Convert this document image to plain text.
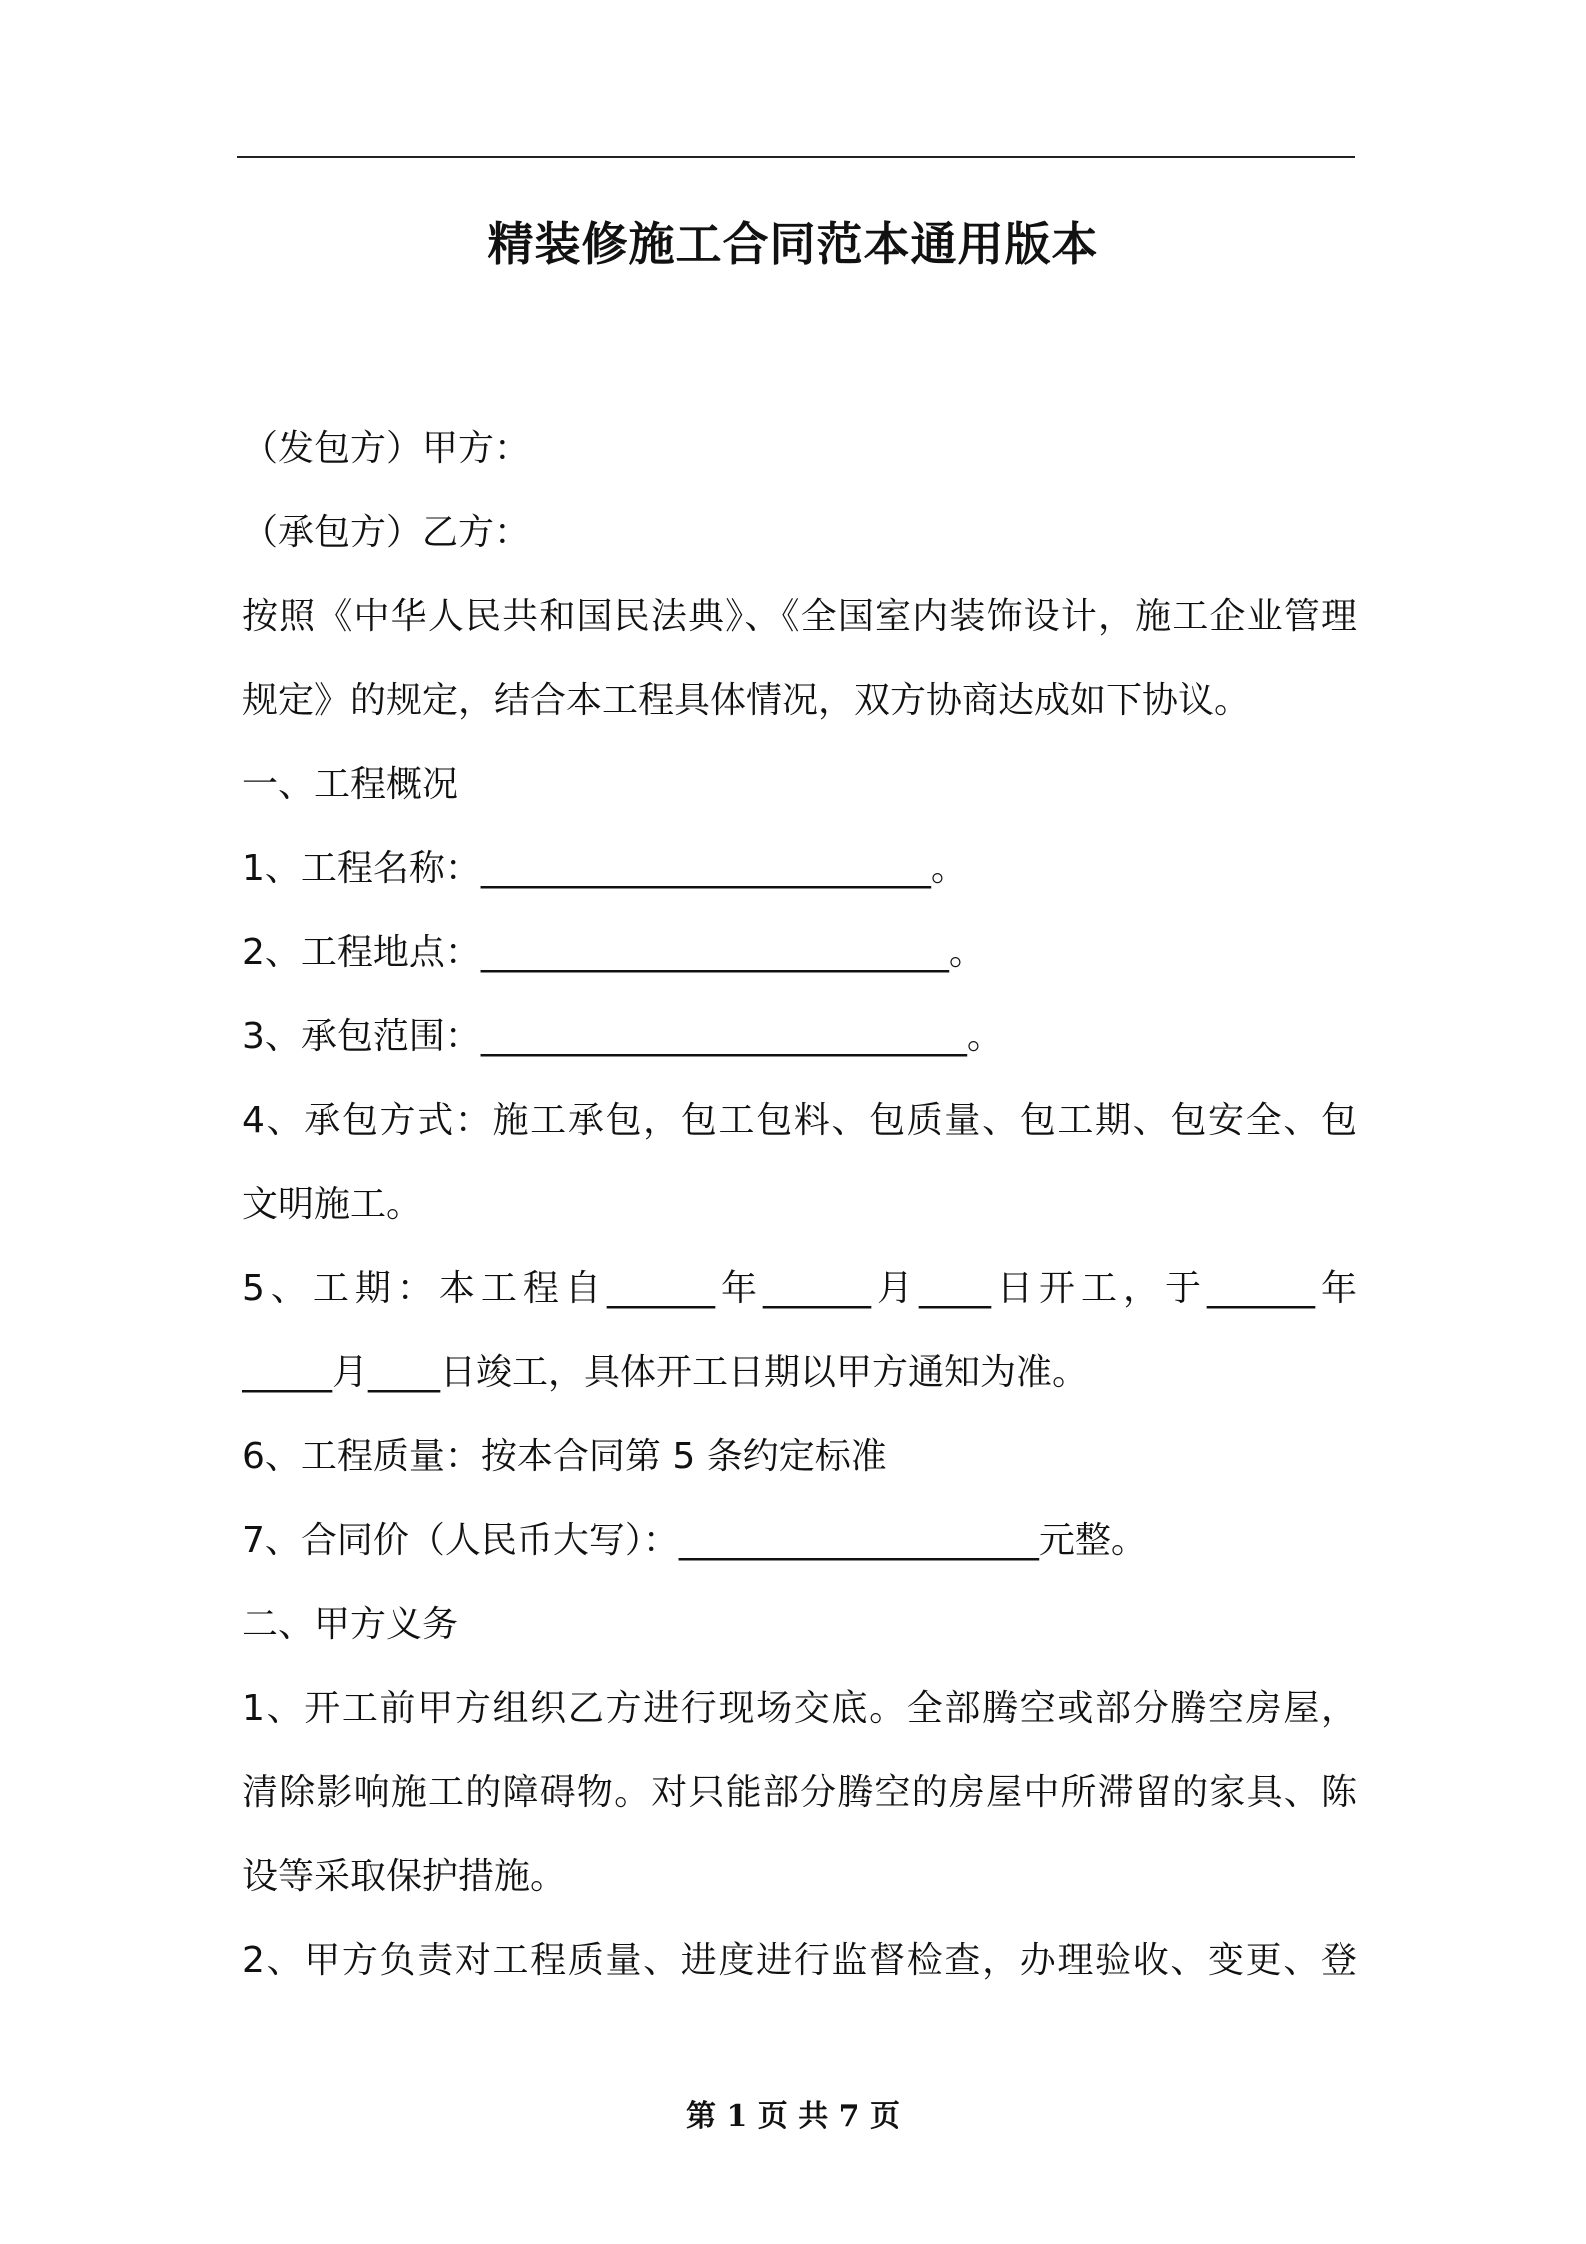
精装修施工合同范本通用版本
（发包方）甲方：
（承包方）乙方：
按照《中华人民共和国民法典》、《全国室内装饰设计，施工企业管理
规定》的规定，结合本工程具体情况，双方协商达成如下协议。
一、工程概况
1、工程名称：_________________________。
2、工程地点：__________________________。
3、承包范围：___________________________。
4、承包方式：施工承包，包工包料、包质量、包工期、包安全、包
文明施工。
5、工期：本工程自______年______月____日开工，于______年
_____月____日竣工，具体开工日期以甲方通知为准。
6、工程质量：按本合同第 5 条约定标准
7、合同价（人民币大写）：____________________元整。
二、甲方义务
1、开工前甲方组织乙方进行现场交底。全部腾空或部分腾空房屋，
清除影响施工的障碍物。对只能部分腾空的房屋中所滞留的家具、陈
设等采取保护措施。
2、甲方负责对工程质量、进度进行监督检查，办理验收、变更、登
第 1 页 共 7 页
